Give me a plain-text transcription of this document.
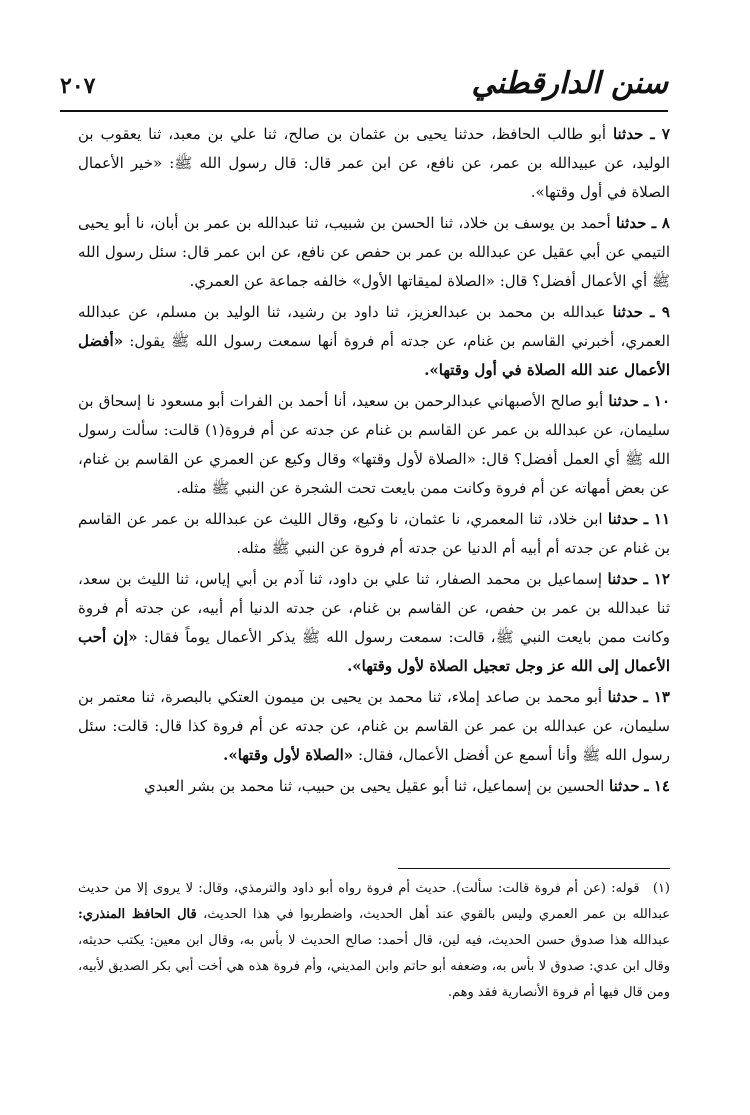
سنن الدارقطني
٢٠٧

٧ ـ حدثنا أبو طالب الحافظ، حدثنا يحيى بن عثمان بن صالح، ثنا علي بن معبد، ثنا يعقوب بن الوليد، عن عبيدالله بن عمر، عن نافع، عن ابن عمر قال: قال رسول الله ﷺ: «خير الأعمال الصلاة في أول وقتها».

٨ ـ حدثنا أحمد بن يوسف بن خلاد، ثنا الحسن بن شبيب، ثنا عبدالله بن عمر بن أبان، نا أبو يحيى التيمي عن أبي عقيل عن عبدالله بن عمر بن حفص عن نافع، عن ابن عمر قال: سئل رسول الله ﷺ أي الأعمال أفضل؟ قال: «الصلاة لميقاتها الأول» خالفه جماعة عن العمري.

٩ ـ حدثنا عبدالله بن محمد بن عبدالعزيز، ثنا داود بن رشيد، ثنا الوليد بن مسلم، عن عبدالله العمري، أخبرني القاسم بن غنام، عن جدته أم فروة أنها سمعت رسول الله ﷺ يقول: «أفضل الأعمال عند الله الصلاة في أول وقتها».

١٠ ـ حدثنا أبو صالح الأصبهاني عبدالرحمن بن سعيد، أنا أحمد بن الفرات أبو مسعود نا إسحاق بن سليمان، عن عبدالله بن عمر عن القاسم بن غنام عن جدته عن أم فروة(١) قالت: سألت رسول الله ﷺ أي العمل أفضل؟ قال: «الصلاة لأول وقتها» وقال وكيع عن العمري عن القاسم بن غنام، عن بعض أمهاته عن أم فروة وكانت ممن بايعت تحت الشجرة عن النبي ﷺ مثله.

١١ ـ حدثنا ابن خلاد، ثنا المعمري، نا عثمان، نا وكيع، وقال الليث عن عبدالله بن عمر عن القاسم بن غنام عن جدته أم أبيه أم الدنيا عن جدته أم فروة عن النبي ﷺ مثله.

١٢ ـ حدثنا إسماعيل بن محمد الصفار، ثنا علي بن داود، ثنا آدم بن أبي إياس، ثنا الليث بن سعد، ثنا عبدالله بن عمر بن حفص، عن القاسم بن غنام، عن جدته الدنيا أم أبيه، عن جدته أم فروة وكانت ممن بايعت النبي ﷺ، قالت: سمعت رسول الله ﷺ يذكر الأعمال يوماً فقال: «إن أحب الأعمال إلى الله عز وجل تعجيل الصلاة لأول وقتها».

١٣ ـ حدثنا أبو محمد بن صاعد إملاء، ثنا محمد بن يحيى بن ميمون العتكي بالبصرة، ثنا معتمر بن سليمان، عن عبدالله بن عمر عن القاسم بن غنام، عن جدته عن أم فروة كذا قال: قالت: سئل رسول الله ﷺ وأنا أسمع عن أفضل الأعمال، فقال: «الصلاة لأول وقتها».

١٤ ـ حدثنا الحسين بن إسماعيل، ثنا أبو عقيل يحيى بن حبيب، ثنا محمد بن بشر العبدي

(١) قوله: (عن أم فروة قالت: سألت). حديث أم فروة رواه أبو داود والترمذي، وقال: لا يروى إلا من حديث عبدالله بن عمر العمري وليس بالقوي عند أهل الحديث، واضطربوا في هذا الحديث، قال الحافظ المنذري: عبدالله هذا صدوق حسن الحديث، فيه لين، قال أحمد: صالح الحديث لا بأس به، وقال ابن معين: يكتب حديثه، وقال ابن عدي: صدوق لا بأس به، وضعفه أبو حاتم وابن المديني، وأم فروة هذه هي أخت أبي بكر الصديق لأبيه، ومن قال فيها أم فروة الأنصارية فقد وهم.
